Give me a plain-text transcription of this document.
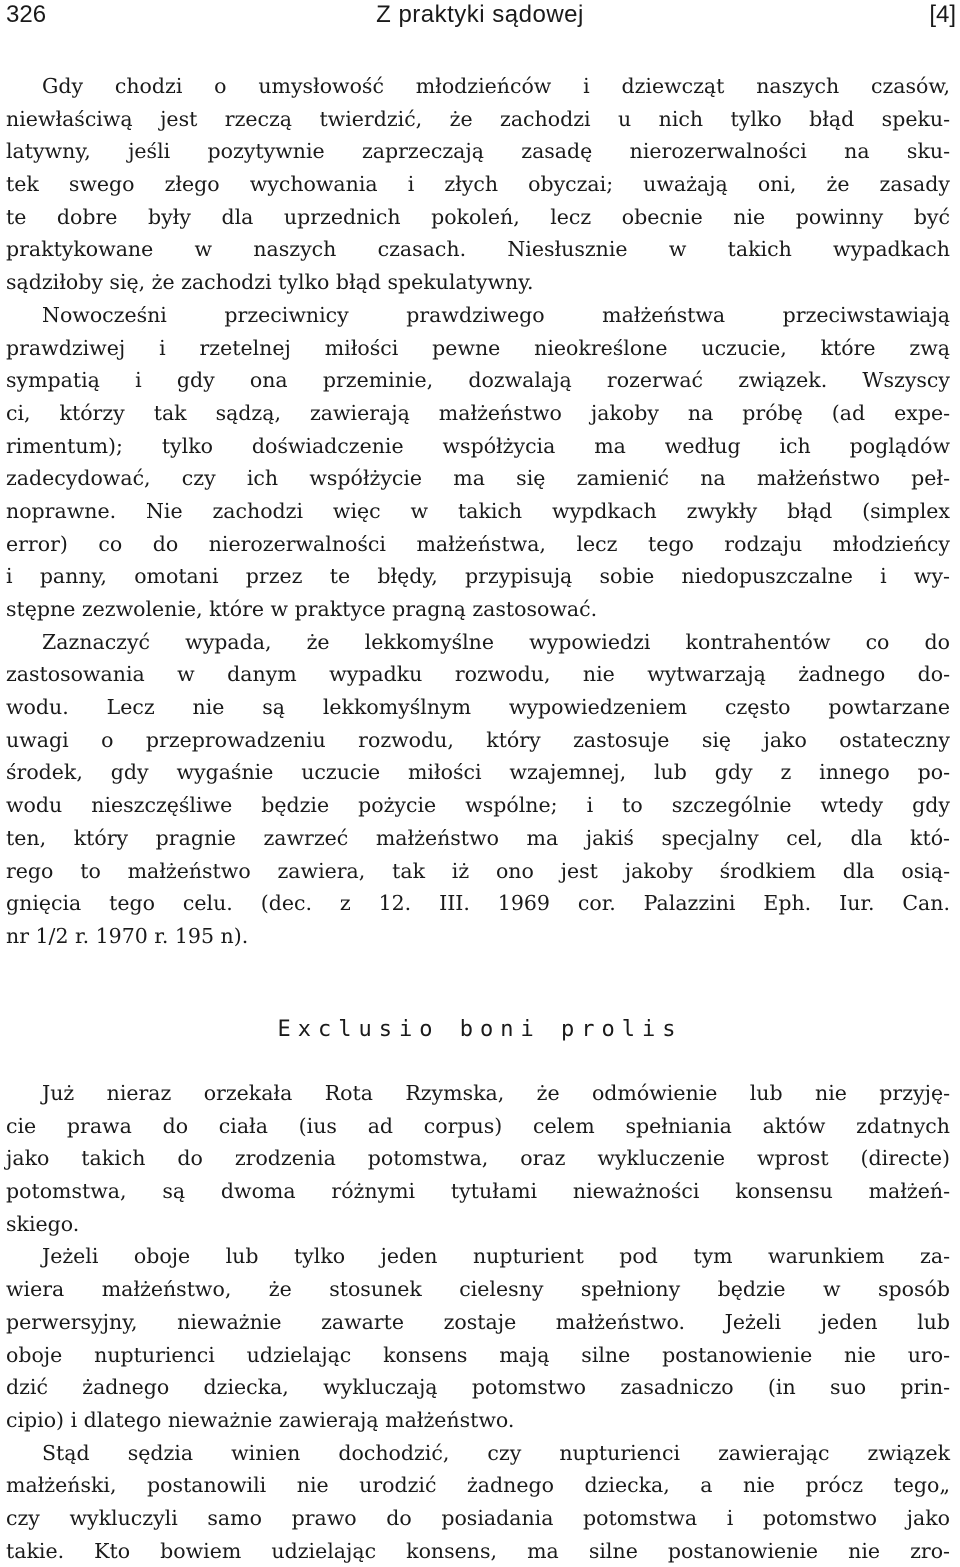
326	Z praktyki sądowej	[4]
Gdy chodzi o umysłowość młodzieńców i dziewcząt naszych czasów,
niewłaściwą jest rzeczą twierdzić, że zachodzi u nich tylko błąd speku-
latywny, jeśli pozytywnie zaprzeczają zasadę nierozerwalności na sku-
tek swego złego wychowania i złych obyczai; uważają oni, że zasady
te dobre były dla uprzednich pokoleń, lecz obecnie nie powinny być
praktykowane w naszych czasach. Niesłusznie w takich wypadkach
sądziłoby się, że zachodzi tylko błąd spekulatywny.
Nowocześni przeciwnicy prawdziwego małżeństwa przeciwstawiają
prawdziwej i rzetelnej miłości pewne nieokreślone uczucie, które zwą
sympatią i gdy ona przeminie, dozwalają rozerwać związek. Wszyscy
ci, którzy tak sądzą, zawierają małżeństwo jakoby na próbę (ad expe-
rimentum); tylko doświadczenie współżycia ma według ich poglądów
zadecydować, czy ich współżycie ma się zamienić na małżeństwo peł-
noprawne. Nie zachodzi więc w takich wypdkach zwykły błąd (simplex
error) co do nierozerwalności małżeństwa, lecz tego rodzaju młodzieńcy
i panny, omotani przez te błędy, przypisują sobie niedopuszczalne i wy-
stępne zezwolenie, które w praktyce pragną zastosować.
Zaznaczyć wypada, że lekkomyślne wypowiedzi kontrahentów co do
zastosowania w danym wypadku rozwodu, nie wytwarzają żadnego do-
wodu. Lecz nie są lekkomyślnym wypowiedzeniem często powtarzane
uwagi o przeprowadzeniu rozwodu, który zastosuje się jako ostateczny
środek, gdy wygaśnie uczucie miłości wzajemnej, lub gdy z innego po-
wodu nieszczęśliwe będzie pożycie wspólne; i to szczególnie wtedy gdy
ten, który pragnie zawrzeć małżeństwo ma jakiś specjalny cel, dla któ-
rego to małżeństwo zawiera, tak iż ono jest jakoby środkiem dla osią-
gnięcia tego celu. (dec. z 12. III. 1969 cor. Palazzini Eph. Iur. Can.
nr 1/2 r. 1970 r. 195 n).
Exclusio boni prolis
Już nieraz orzekała Rota Rzymska, że odmówienie lub nie przyję-
cie prawa do ciała (ius ad corpus) celem spełniania aktów zdatnych
jako takich do zrodzenia potomstwa, oraz wykluczenie wprost (directe)
potomstwa, są dwoma różnymi tytułami nieważności konsensu małżeń-
skiego.
Jeżeli oboje lub tylko jeden nupturient pod tym warunkiem za-
wiera małżeństwo, że stosunek cielesny spełniony będzie w sposób
perwersyjny, nieważnie zawarte zostaje małżeństwo. Jeżeli jeden lub
oboje nupturienci udzielając konsens mają silne postanowienie nie uro-
dzić żadnego dziecka, wykluczają potomstwo zasadniczo (in suo prin-
cipio) i dlatego nieważnie zawierają małżeństwo.
Stąd sędzia winien dochodzić, czy nupturienci zawierając związek
małżeński, postanowili nie urodzić żadnego dziecka, a nie prócz tego„
czy wykluczyli samo prawo do posiadania potomstwa i potomstwo jako
takie. Kto bowiem udzielając konsens, ma silne postanowienie nie zro-
